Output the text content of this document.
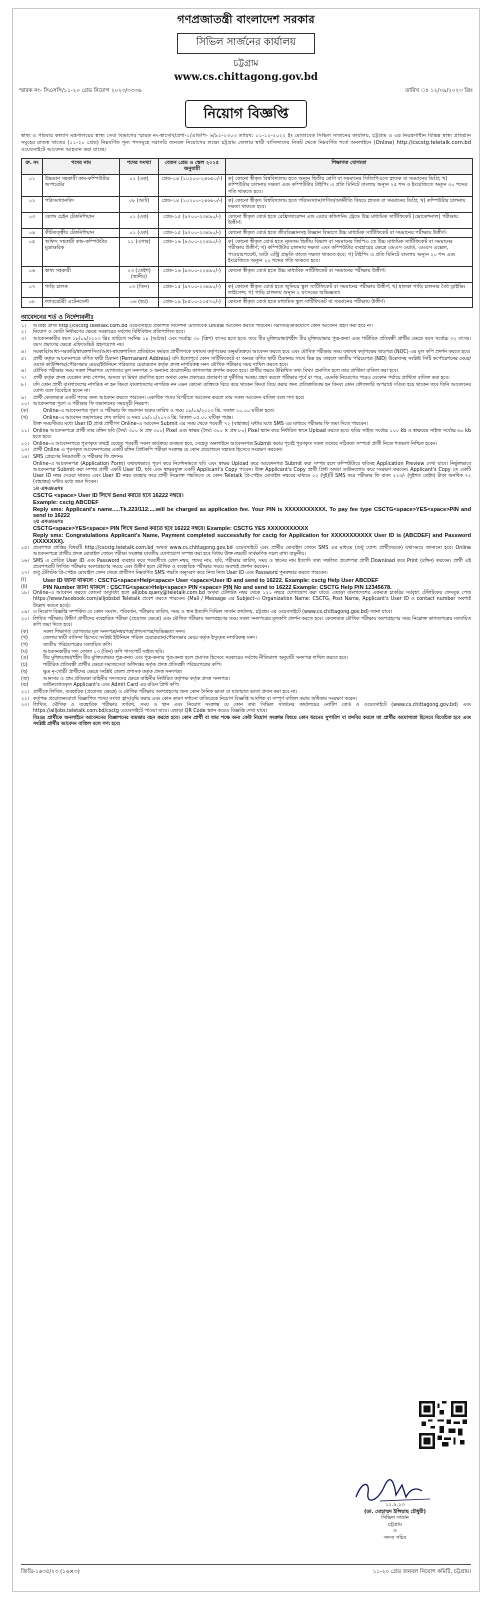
গণপ্রজাতন্ত্রী বাংলাদেশ সরকার
সিভিল সার্জনের কার্যালয়
চট্টগ্রাম
www.cs.chittagong.gov.bd
স্মারক নং- সিএসসি/১১-২০ গ্রেড নিয়োগ ২০২৩/৩৩৩৬	তারিখ ঃ ১২/০৯/২০২৩ খ্রিঃ
নিয়োগ বিজ্ঞপ্তি
স্বাস্থ্য ও পরিবার কল্যাণ মন্ত্রণালয়ের স্বাস্থ্য সেবা বিভাগের স্মারক নং-স্বাসেবি/প্রশা-১/এডিপি- ৬/৯২-২৩০৩ তারিখ: ০১-১২-২০২২ ইং মোতাবেক সিভিল সার্জনের কার্যালয়, চট্টগ্রাম ও এর নিয়ন্ত্রণাধীন বিভিন্ন স্বাস্থ্য প্রতিষ্ঠান সমূহের রাজস্ব খাতের (১১-২০ গ্রেড) নিম্নবর্ণিত শূন্য পদসমূহে সরাসরি জনবল নিয়োগের লক্ষ্যে চট্টগ্রাম জেলার স্থায়ী বাসিন্দাদের নিকট থেকে নিম্নবর্ণিত শর্তে অনলাইনে (Online) http://cscstg.teletalk.com.bd ওয়েবসাইটে আবেদন আহবান করা যাচ্ছে।
ক্র. নং	পদের নাম	পদের সংখ্যা	বেতন গ্রেড ও স্কেল ২০১৫ অনুযায়ী	শিক্ষাগত যোগ্যতা
০১	উচ্চমান সহকারী কাম-কম্পিউটার অপারেটর	০১ (এক)	গ্রেড-১৪ (১০২০০-২৪৬৮০/-)	ক) কোনো স্বীকৃত বিশ্ববিদ্যালয় হতে অন্যূন দ্বিতীয় শ্রেণি বা সমমানের সিজিপিএতে স্নাতক বা সমমানের ডিগ্রি; খ) কম্পিউটার চালনায় দক্ষতা এবং কম্পিউটার টাইপিং এ প্রতি মিনিটে বাংলায় অন্যূন ২৫ শব্দ ও ইংরেজিতে অন্যূন ৩০ শব্দের গতি থাকতে হবে।
০২	পরিসংখ্যানবিদ	০৮ (আট)	গ্রেড-১৪ (১০২০০-২৪৬৮০/-)	ক) কোনো স্বীকৃত বিশ্ববিদ্যালয় হতে পরিসংখ্যান/গণিত/অর্থনীতি বিষয়ে স্নাতক বা সমমানের ডিগ্রি; খ) কম্পিউটার চালনায় দক্ষতা থাকতে হবে।
০৩	কোল্ড চেইন টেকনিশিয়ান	০১ (এক)	গ্রেড-১৫ (৯৭০০-২৩৪৯০/-)	কোনো স্বীকৃত বোর্ড হতে রেফ্রিজারেশন এন্ড এয়ার কন্ডিশনিং ট্রেডে উচ্চ মাধ্যমিক সার্টিফিকেট (ভোকেশনাল) পরীক্ষায় উত্তীর্ণ।
০৪	কীটতত্ত্বীয় টেকনিশিয়ান	০১ (এক)	গ্রেড-১৫ (৯৭০০-২৩৪৯০/-)	কোনো স্বীকৃত বোর্ড হতে জীববিজ্ঞানসহ বিজ্ঞান বিভাগে উচ্চ মাধ্যমিক সার্টিফিকেট বা সমমানের পরীক্ষায় উত্তীর্ণ।
০৫	অফিস সহকারী কাম-কম্পিউটার মুদ্রাক্ষরিক	১১ (এগার)	গ্রেড-১৬ (৯৩০০-২২৪৯০/-)	ক) কোনো স্বীকৃত বোর্ড হতে ন্যূনতম দ্বিতীয় বিভাগ বা সমমানের জিপিএ তে উচ্চ মাধ্যমিক সার্টিফিকেট বা সমমানের পরীক্ষায় উত্তীর্ণ; খ) কম্পিউটার চালনায় দক্ষতা এবং কম্পিউটার ব্যবহারের ক্ষেত্রে এমএস ওয়ার্ড, এমএস এক্সেল, পাওয়ারপয়েন্ট, ডাটা এন্ট্রি প্রভৃতি কাজে দক্ষতা থাকতে হবে; গ) টাইপিং এ প্রতি মিনিটে বাংলায় অন্যূন ২০ শব্দ এবং ইংরেজিতে অন্যূন ২০ শব্দের গতি থাকতে হবে।
০৬	স্বাস্থ্য সহকারী	২৩ (তেইশ) (স্থানীয়)	গ্রেড-১৬ (৯৩০০-২২৪৯০/-)	কোনো স্বীকৃত বোর্ড হতে উচ্চ মাধ্যমিক সার্টিফিকেট বা সমমানের পরীক্ষায় উত্তীর্ণ।
০৭	গাড়ি চালক	০৩ (তিন)	গ্রেড-১৫ (৯৭০০-২৩৪৯০/-)	ক) কোনো স্বীকৃত বোর্ড হতে জুনিয়র স্কুল সার্টিফিকেট বা সমমানের পরীক্ষায় উত্তীর্ণ; খ) হালকা গাড়ি চালনার বৈধ ড্রাইভিং লাইসেন্স; গ) গাড়ি চালনায় অন্যূন ২ বৎসরের অভিজ্ঞতা।
০৮	ল্যাবরেটরী এটেনডেন্ট	০৬ (ছয়)	গ্রেড-১৯ (৮৫০০-২০৫৭০/-)	কোনো স্বীকৃত বোর্ড হতে মাধ্যমিক স্কুল সার্টিফিকেট বা সমমানের পরীক্ষায় উত্তীর্ণ।
আবেদনের শর্ত ও নির্দেশাবলীঃ
১।	আগ্রহী প্রার্থী http://cscstg.teletalk.com.bd ওয়েবসাইটে প্রকাশিত নির্দেশনা মোতাবেক Online আবেদন করতে পারবেন। সরাসরি/ডাকযোগে কোন আবেদন গ্রহণ করা হবে না।
২।	নিয়োগ ও কোটা নির্ধারণের ক্ষেত্রে সরকারের সর্বশেষ বিধিবিধান প্রতিপালিত হবে।
৩।	আবেদনকারীর বয়স ১৮/০৯/২০২৩ খ্রিঃ তারিখে সর্বনিম্ন ১৮ (আঠার) এবং সর্বোচ্চ ৩০ (ত্রিশ) বৎসর হতে হবে। তবে বীর মুক্তিযোদ্ধা/শহীদ বীর মুক্তিযোদ্ধার পুত্র-কন্যা এবং শারীরিক প্রতিবন্ধী প্রার্থীর ক্ষেত্রে বয়স সর্বোচ্চ ৩২ বৎসর। বয়স প্রমাণের ক্ষেত্রে এফিডেভিট গ্রহণযোগ্য নয়।
৪।	সরকারি/আধা-সরকারি/স্বায়ত্তশাসিত/আধা-স্বায়ত্তশাসিত প্রতিষ্ঠানে কর্মরত প্রার্থীগণকে যথাযথ কর্তৃপক্ষের অনুমতিক্রমে আবেদন করতে হবে এবং মৌখিক পরীক্ষার সময় যথাযথ কর্তৃপক্ষের ছাড়পত্র (NOC) এর মূল কপি প্রদর্শন করতে হবে।
৫।	প্রার্থী কর্তৃক আবেদনপত্রে বর্ণিত স্থায়ী ঠিকানা (Permanent Address) যদি ইতোপূর্বে কোন সার্টিফিকেটে বা অন্যত্র বর্ণিত স্থায়ী ঠিকানার সাথে ভিন্ন হয় তাহলে জাতীয় পরিচয়পত্র (NID) উল্লেখসহ সংশ্লিষ্ট সিটি কর্পোরেশনের মেয়র/ওয়ার্ড কাউন্সিলর/পৌরসভার মেয়র/ইউনিয়ন পরিষদের চেয়ারম্যান কর্তৃক প্রদত্ত নাগরিকত্ব সনদ মৌখিক পরীক্ষার সময় দাখিল করতে হবে।
৬।	মৌখিক পরীক্ষার সময় সকল শিক্ষাগত যোগ্যতার মূল সনদপত্র ও অন্যান্য প্রয়োজনীয় কাগজপত্র প্রদর্শন করতে হবে। প্রার্থীর ফরমে উল্লিখিত তথ্য মিথ্যা প্রমাণিত হলে তার প্রার্থিতা বাতিল করা হবে।
৭।	প্রার্থী কর্তৃক প্রদত্ত যেকোন তথ্য গোপন, অসত্য বা মিথ্যা প্রমাণিত হলে অথবা কোন প্রকারের প্রতারণা বা দুর্নীতির আশ্রয় গ্রহণ করলে পরীক্ষার পূর্বে বা পরে, এমনকি নিয়োগের পরেও যেকোন পর্যায়ে প্রার্থিতা বাতিল করা হবে।
৮।	যদি কোন প্রার্থী বাংলাদেশের নাগরিক না হন কিংবা বাংলাদেশের নাগরিক নন এমন কোনো ব্যক্তিকে বিয়ে করে থাকেন কিংবা বিয়ে করার জন্য প্রতিশ্রুতিবদ্ধ হন কিংবা কোন ফৌজদারি অপরাধে দণ্ডিত হয়ে থাকেন তবে তিনি আবেদনের যোগ্য বলে বিবেচিত হবেন না।
৯।	প্রার্থী কেবলমাত্র একটি পদের জন্য আবেদন করতে পারবেন। একাধিক পদের বিপরীতে আবেদন করলে তার সকল আবেদন বাতিল বলে গণ্য হবে।
১০। আবেদনপত্র পূরণ ও পরীক্ষার ফি জমাদানের সময়সূচী নিম্নরূপ:
(ক)	Online-এ আবেদনপত্র পূরণ ও পরীক্ষার ফি জমাদান শুরুর তারিখ ও সময় ১৮/০৯/২০২৩ খ্রি. সকাল ১০.০০ ঘটিকা হতে।
(খ)	Online-এ আবেদন জমাদানের শেষ তারিখ ও সময় ০৯/১০/২০২৩ খ্রি. বিকাল ০৫.০০ ঘটিকা পর্যন্ত।
উক্ত সময়সীমার মধ্যে User ID প্রাপ্ত প্রার্থীগণ Online-এ আবেদন Submit এর সময় থেকে পরবর্তী ৭২ (বাহাত্তর) ঘন্টার মধ্যে SMS এর মাধ্যমে পরীক্ষার ফি জমা দিতে পারবেন।
১১। Online আবেদনপত্রে প্রার্থী তার রঙ্গিন ছবি (দৈর্ঘ্য ৩০০ × প্রস্থ ৩০০) Pixel এবং স্বাক্ষর (দৈর্ঘ্য ৩০০ × প্রস্থ ৮০) Pixel স্ক্যান করে নির্ধারিত স্থানে Upload করতে হবে। ছবির সাইজ সর্বোচ্চ ১০০ kb ও স্বাক্ষরের সাইজ সর্বোচ্চ ৬০ kb হতে হবে।
১২। Online-এ আবেদনপত্রে পূরণকৃত তথ্যই যেহেতু পরবর্তী সকল কার্যক্রমে ব্যবহৃত হবে, সেহেতু অনলাইনে আবেদনপত্র Submit করার পূর্বেই পূরণকৃত সকল তথ্যের সঠিকতা সম্পর্কে প্রার্থী নিজে শতভাগ নিশ্চিত হবেন।
১৩। প্রার্থী Online এ পূরণকৃত আবেদনপত্রের একটি রঙ্গিন প্রিন্টকপি পরীক্ষা সংক্রান্ত যে কোন প্রয়োজনে সহায়ক হিসেবে সংরক্ষণ করবেন।
১৪। SMS প্রেরণের নিয়মাবলী ও পরীক্ষার ফি প্রদানঃ
Online-এ আবেদনপত্র (Application Form) যথাযথভাবে পূরণ করে নির্দেশনামতে ছবি এবং স্বাক্ষর Upload করে আবেদনপত্র Submit করা সম্পন্ন হলে কম্পিউটারে ছবিসহ Application Preview দেখা যাবে। নির্ভুলভাবে আবেদনপত্র Submit করা সম্পন্ন প্রার্থী একটি User ID, ছবি এবং স্বাক্ষরযুক্ত একটি Applicant's Copy পাবেন। উক্ত Applicant's Copy প্রার্থী প্রিন্ট অথবা ডাউনলোড করে সংরক্ষণ করবেন। Applicant's Copy তে একটি User ID নম্বর দেওয়া থাকবে এবং User ID নম্বর ব্যবহার করে প্রার্থী নিম্নোক্ত পদ্ধতিতে যে কোন Teletalk প্রি-পেইড মোবাইল নম্বরের মাধ্যমে ০২ (দুই)টি SMS করে পরীক্ষার ফি বাবদ ২২৩/- (দুইশত তেইশ) টাকা অনধিক ৭২ (বাহাত্তর) ঘন্টার মধ্যে জমা দিবেন।
১ম এসএমএসঃ
CSCTG <space> User ID লিখে Send করতে হবে 16222 নম্বরে।
Example: csctg ABCDEF
Reply sms: Applicant's name.....Tk.223/112.....will be charged as application fee. Your PIN is XXXXXXXXXXX. To pay fee type CSCTG<space>YES<space>PIN and send to 16222
২য় এসএমএসঃ
CSCTG<space>YES<space> PIN লিখে Send করতে হবে 16222 নম্বরে। Example: CSCTG YES XXXXXXXXXXX
Reply sms: Congratulations Applicant's Name, Payment completed successfully for csctg for Application for XXXXXXXXXXX User ID is (ABCDEF) and Password (XXXXXXX).
১৫। প্রবেশপত্র প্রাপ্তির বিষয়টি http://cscstg.teletalk.com.bd অথবা www.cs.chittagong.gov.bd ওয়েবসাইটে এবং প্রার্থীর মোবাইল ফোনে SMS এর মাধ্যমে (শুধু যোগ্য প্রার্থীদেরকে) যথাসময়ে জানানো হবে। Online আবেদনপত্রে প্রার্থীর প্রদত্ত মোবাইল ফোনে পরীক্ষা সংক্রান্ত যাবতীয় যোগাযোগ সম্পন্ন করা হবে বিধায় উক্ত নম্বরটি সার্বক্ষণিক সচল রাখা বাঞ্ছনীয়।
১৬। SMS এ প্রেরিত User ID এবং Password ব্যবহার করে পরবর্তীতে রোল নম্বর, পদের নাম, ছবি, পরীক্ষার তারিখ, সময় ও স্থানের নাম ইত্যাদি তথ্য সম্বলিত প্রবেশপত্র প্রার্থী Download করে Print (রঙ্গিন) করবেন। প্রার্থী এই প্রবেশপত্রটি লিখিত পরীক্ষায় অংশগ্রহণের সময়ে এবং উত্তীর্ণ হলে মৌখিক ও ব্যবহারিক পরীক্ষার সময়ে অবশ্যই প্রদর্শন করবেন।
১৭। শুধু টেলিটক প্রি-পেইড মোবাইল ফোন থেকে প্রার্থীগণ নিম্নবর্ণিত SMS পদ্ধতি অনুসরণ করে নিজ নিজ User ID এবং Password পুনরুদ্ধার করতে পারবেন।
(i)	User ID জানা থাকলে : CSCTG<space>Help<space> User <space>User ID and send to 16222. Example: csctg Help User ABCDEF
(ii)	PIN Number জানা থাকলে : CSCTG<space>Help<space> PIN <space> PIN No and send to 16222 Example: CSCTG Help PIN 12345678.
১৮। Online-এ আবেদন করতে কোনো অসুবিধা হলে alljobs.query@teletalk.com.bd অথবা টেলিটক নম্বর থেকে ১২১ নম্বরে যোগাযোগ করা যাবে। এছাড়া বাংলাদেশের একমাত্র চাকরির সর্ববৃহৎ টেলিটকের ফেসবুক পেজ https://www.facebook.com/alljobsbd Teletalk প্রবেশ করতে পারবেন। (Mail / Message এর Subject-এ Organization Name: CSCTG, Post Name, Applicant's User ID ও contact number অবশ্যই উল্লেখ করতে হবে)।
১৯। এ নিয়োগ বিজ্ঞপ্তি সম্পর্কিত যে কোন সংবাদ, পরিবর্তন, পরীক্ষার তারিখ, সময় ও স্থান ইত্যাদি সিভিল সার্জন কার্যালয়, চট্টগ্রাম এর ওয়েবসাইটে (www.cs.chittagong.gov.bd) জানা যাবে।
২০। লিখিত পরীক্ষায় উত্তীর্ণ প্রার্থীদের ব্যবহারিক পরীক্ষা (প্রযোজ্য ক্ষেত্রে) এবং মৌখিক পরীক্ষায় অংশগ্রহণের সময় সকল সনদপত্রের মূলকপি প্রদর্শন করতে হবে। কেবলমাত্র মৌখিক পরীক্ষায় অংশগ্রহণের সময় নিম্নোক্ত কাগজপত্রের সত্যায়িত কপি জমা দিতে হবে।
(ক)	সকল শিক্ষাগত যোগ্যতার মূল সনদপত্র/নম্বরপত্র/প্রশংসাপত্র/অভিজ্ঞতা সনদ।
(খ)	জেলার স্থায়ী বাসিন্দা হিসেবে সংশ্লিষ্ট ইউনিয়ন পরিষদ চেয়ারম্যান/পৌরসভার মেয়র কর্তৃক ইস্যুকৃত নাগরিকত্ব সনদ।
(গ)	জাতীয় পরিচয়পত্রের সত্যায়িত কপি।
(ঘ)	আবেদনকারীর সদ্য তোলা ০৩ (তিন) কপি পাসপোর্ট সাইজ ছবি।
(ঙ)	বীর মুক্তিযোদ্ধা/শহীদ বীর মুক্তিযোদ্ধার পুত্র-কন্যা এবং পুত্র-কন্যার পুত্র-কন্যা হলে প্রমাণক হিসেবে সরকারের সর্বশেষ নীতিমালা অনুযায়ী সনদপত্র দাখিল করতে হবে।
(চ)	শারীরিক প্রতিবন্ধী প্রার্থীর ক্ষেত্রে সমাজসেবা অধিদপ্তর কর্তৃক প্রদত্ত প্রতিবন্ধী পরিচয়পত্রের কপি।
(ছ)	ক্ষুদ্র নৃ-গোষ্ঠী প্রার্থীদের ক্ষেত্রে সংশ্লিষ্ট জেলা প্রশাসক কর্তৃক প্রদত্ত সনদপত্র।
(জ)	আনসার ও গ্রাম প্রতিরক্ষা বাহিনীর সদস্যদের ক্ষেত্রে বাহিনীর নির্ধারিত কর্তৃপক্ষ কর্তৃক প্রদত্ত সনদপত্র।
(ঝ)	ডাউনলোডকৃত Applicant's এবং Admit Card এর রঙিন প্রিন্ট কপি।
২১। প্রার্থীকে লিখিত, ব্যবহারিক (প্রযোজ্য ক্ষেত্রে) ও মৌখিক পরীক্ষায় অংশগ্রহণের জন্য কোন দৈনিক ভাতা বা যাতায়াত ভাতা প্রদান করা হবে না।
২২। কর্তৃপক্ষ প্রয়োজনবোধে বিজ্ঞাপিত পদের সংখ্যা হ্রাস/বৃদ্ধি করার এবং কোন কারণ দর্শানো ব্যতিরেকে নিয়োগ বিজ্ঞপ্তি আংশিক বা সম্পূর্ণ বাতিল করার অধিকার সংরক্ষণ করেন।
২৩। লিখিত, মৌখিক ও ব্যবহারিক পরীক্ষার তারিখ, সময় ও স্থান এবং নিয়োগ সংক্রান্ত যে কোন তথ্য সিভিল সার্জনের কার্যালয়ের নোটিশ বোর্ড ও ওয়েবসাইটে (www.cs.chittagong.gov.bd) এবং https://alljobs.teletalk.com.bd/csctg ওয়েবসাইটে পাওয়া যাবে। এছাড়া QR Code স্ক্যান করেও বিজ্ঞপ্তি দেখা যাবে।
বিঃদ্রঃ প্রার্থীকে অনলাইনে আবেদনের বিজ্ঞাপনের ব্যয়ভার বহন করতে হবে। কোন প্রার্থী বা তার পক্ষে অন্য কেউ নিয়োগ সংক্রান্ত বিষয়ে কোন ধরনের সুপারিশ বা তদবির করলে তা প্রার্থীর অযোগ্যতা হিসেবে বিবেচিত হবে এবং সংশ্লিষ্ট প্রার্থীর আবেদন বাতিল বলে গণ্য হবে।
১২.৯.২৩
(ডা. মোহাম্মদ ইলিয়াছ চৌধুরী)
সিভিল সার্জন
চট্টগ্রাম
ও
সদস্য সচিব
জিডি-১৬৩৫/২৩ (১৬×৩)	১১-২০ গ্রেড জনবল নিয়োগ কমিটি, চট্টগ্রাম।
